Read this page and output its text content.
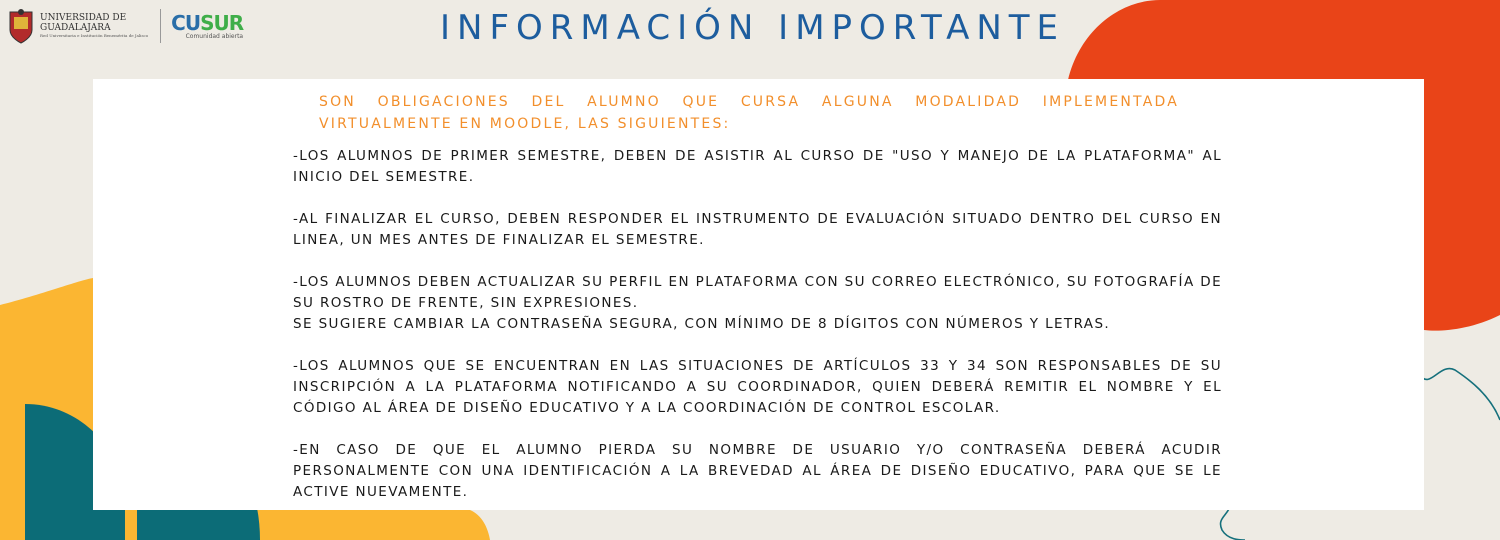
UNIVERSIDAD DE
GUADALAJARA
Red Universitaria e Institución Benemérita de Jalisco
CUSUR
Comunidad abierta	INFORMACIÓN IMPORTANTE
SON OBLIGACIONES DEL ALUMNO QUE CURSA ALGUNA MODALIDAD IMPLEMENTADA VIRTUALMENTE EN MOODLE, LAS SIGUIENTES:

-LOS ALUMNOS DE PRIMER SEMESTRE, DEBEN DE ASISTIR AL CURSO DE "USO Y MANEJO DE LA PLATAFORMA" AL INICIO DEL SEMESTRE.

-AL FINALIZAR EL CURSO, DEBEN RESPONDER EL INSTRUMENTO DE EVALUACIÓN SITUADO DENTRO DEL CURSO EN LINEA, UN MES ANTES DE FINALIZAR EL SEMESTRE.

-LOS ALUMNOS DEBEN ACTUALIZAR SU PERFIL EN PLATAFORMA CON SU CORREO ELECTRÓNICO, SU FOTOGRAFÍA DE SU ROSTRO DE FRENTE, SIN EXPRESIONES.

SE SUGIERE CAMBIAR LA CONTRASEÑA SEGURA, CON MÍNIMO DE 8 DÍGITOS CON NÚMEROS Y LETRAS.

-LOS ALUMNOS QUE SE ENCUENTRAN EN LAS SITUACIONES DE ARTÍCULOS 33 Y 34 SON RESPONSABLES DE SU INSCRIPCIÓN A LA PLATAFORMA NOTIFICANDO A SU COORDINADOR, QUIEN DEBERÁ REMITIR EL NOMBRE Y EL CÓDIGO AL ÁREA DE DISEÑO EDUCATIVO Y A LA COORDINACIÓN DE CONTROL ESCOLAR.

-EN CASO DE QUE EL ALUMNO PIERDA SU NOMBRE DE USUARIO Y/O CONTRASEÑA DEBERÁ ACUDIR PERSONALMENTE CON UNA IDENTIFICACIÓN A LA BREVEDAD AL ÁREA DE DISEÑO EDUCATIVO, PARA QUE SE LE ACTIVE NUEVAMENTE.
